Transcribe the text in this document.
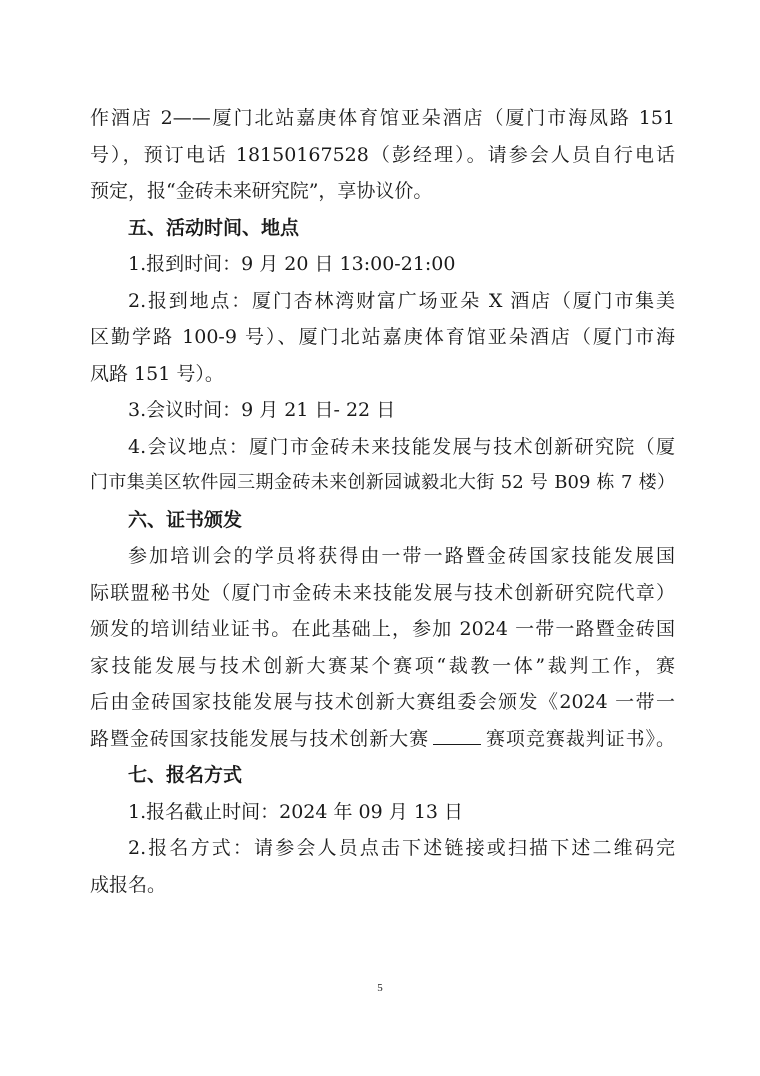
作酒店 2——厦门北站嘉庚体育馆亚朵酒店（厦门市海凤路 151
号），预订电话 18150167528（彭经理）。请参会人员自行电话
预定，报“金砖未来研究院”，享协议价。
五、活动时间、地点
1.报到时间：9 月 20 日 13:00-21:00
2.报到地点：厦门杏林湾财富广场亚朵 X 酒店（厦门市集美
区勤学路 100-9 号）、厦门北站嘉庚体育馆亚朵酒店（厦门市海
凤路 151 号）。
3.会议时间：9 月 21 日- 22 日
4.会议地点：厦门市金砖未来技能发展与技术创新研究院（厦
门市集美区软件园三期金砖未来创新园诚毅北大街 52 号 B09 栋 7 楼）
六、证书颁发
参加培训会的学员将获得由一带一路暨金砖国家技能发展国
际联盟秘书处（厦门市金砖未来技能发展与技术创新研究院代章）
颁发的培训结业证书。在此基础上，参加 2024 一带一路暨金砖国
家技能发展与技术创新大赛某个赛项“裁教一体”裁判工作，赛
后由金砖国家技能发展与技术创新大赛组委会颁发《2024 一带一
路暨金砖国家技能发展与技术创新大赛	赛项竞赛裁判证书》。
七、报名方式
1.报名截止时间：2024 年 09 月 13 日
2.报名方式：请参会人员点击下述链接或扫描下述二维码完
成报名。
5
